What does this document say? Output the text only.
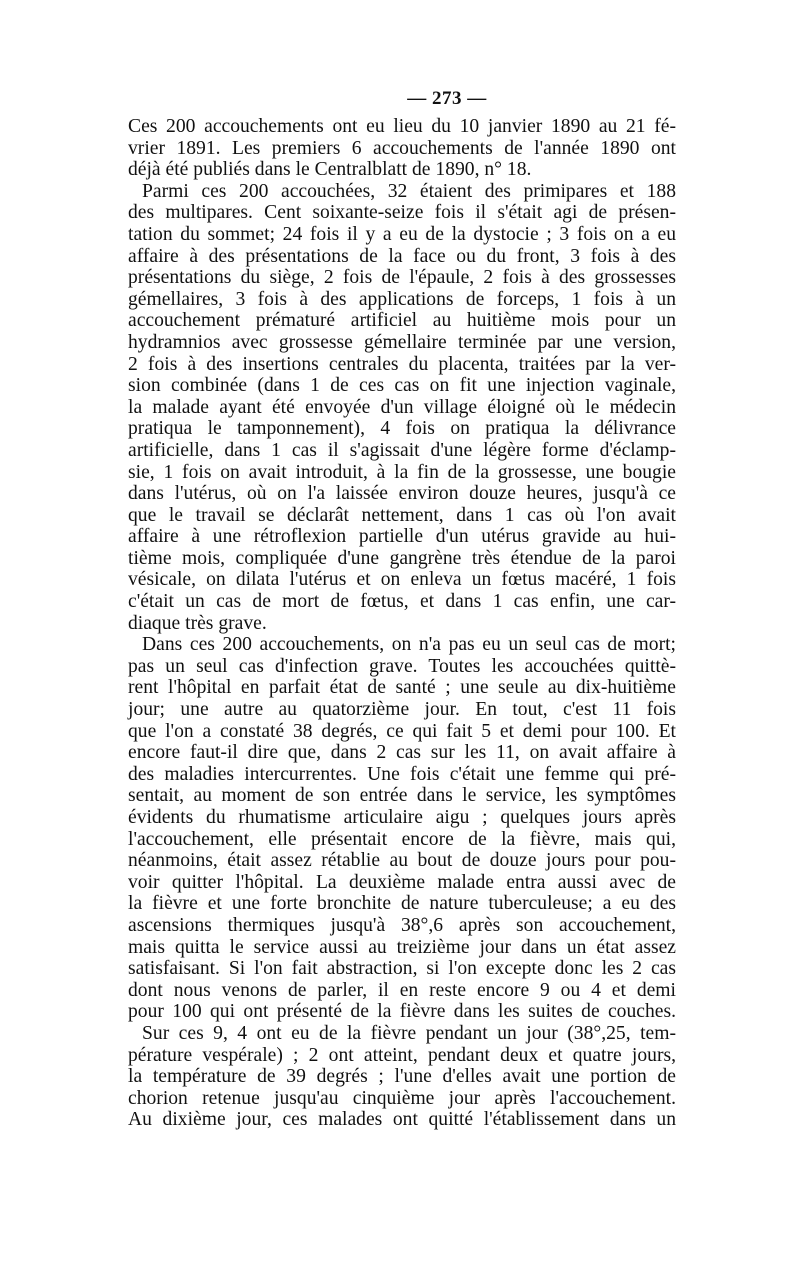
— 273 —
Ces 200 accouchements ont eu lieu du 10 janvier 1890 au 21 fé-
vrier 1891. Les premiers 6 accouchements de l'année 1890 ont
déjà été publiés dans le Centralblatt de 1890, n° 18.
Parmi ces 200 accouchées, 32 étaient des primipares et 188
des multipares. Cent soixante-seize fois il s'était agi de présen-
tation du sommet; 24 fois il y a eu de la dystocie ; 3 fois on a eu
affaire à des présentations de la face ou du front, 3 fois à des
présentations du siège, 2 fois de l'épaule, 2 fois à des grossesses
gémellaires, 3 fois à des applications de forceps, 1 fois à un
accouchement prématuré artificiel au huitième mois pour un
hydramnios avec grossesse gémellaire terminée par une version,
2 fois à des insertions centrales du placenta, traitées par la ver-
sion combinée (dans 1 de ces cas on fit une injection vaginale,
la malade ayant été envoyée d'un village éloigné où le médecin
pratiqua le tamponnement), 4 fois on pratiqua la délivrance
artificielle, dans 1 cas il s'agissait d'une légère forme d'éclamp-
sie, 1 fois on avait introduit, à la fin de la grossesse, une bougie
dans l'utérus, où on l'a laissée environ douze heures, jusqu'à ce
que le travail se déclarât nettement, dans 1 cas où l'on avait
affaire à une rétroflexion partielle d'un utérus gravide au hui-
tième mois, compliquée d'une gangrène très étendue de la paroi
vésicale, on dilata l'utérus et on enleva un fœtus macéré, 1 fois
c'était un cas de mort de fœtus, et dans 1 cas enfin, une car-
diaque très grave.
Dans ces 200 accouchements, on n'a pas eu un seul cas de mort;
pas un seul cas d'infection grave. Toutes les accouchées quittè-
rent l'hôpital en parfait état de santé ; une seule au dix-huitième
jour; une autre au quatorzième jour. En tout, c'est 11 fois
que l'on a constaté 38 degrés, ce qui fait 5 et demi pour 100. Et
encore faut-il dire que, dans 2 cas sur les 11, on avait affaire à
des maladies intercurrentes. Une fois c'était une femme qui pré-
sentait, au moment de son entrée dans le service, les symptômes
évidents du rhumatisme articulaire aigu ; quelques jours après
l'accouchement, elle présentait encore de la fièvre, mais qui,
néanmoins, était assez rétablie au bout de douze jours pour pou-
voir quitter l'hôpital. La deuxième malade entra aussi avec de
la fièvre et une forte bronchite de nature tuberculeuse; a eu des
ascensions thermiques jusqu'à 38°,6 après son accouchement,
mais quitta le service aussi au treizième jour dans un état assez
satisfaisant. Si l'on fait abstraction, si l'on excepte donc les 2 cas
dont nous venons de parler, il en reste encore 9 ou 4 et demi
pour 100 qui ont présenté de la fièvre dans les suites de couches.
Sur ces 9, 4 ont eu de la fièvre pendant un jour (38°,25, tem-
pérature vespérale) ; 2 ont atteint, pendant deux et quatre jours,
la température de 39 degrés ; l'une d'elles avait une portion de
chorion retenue jusqu'au cinquième jour après l'accouchement.
Au dixième jour, ces malades ont quitté l'établissement dans un
